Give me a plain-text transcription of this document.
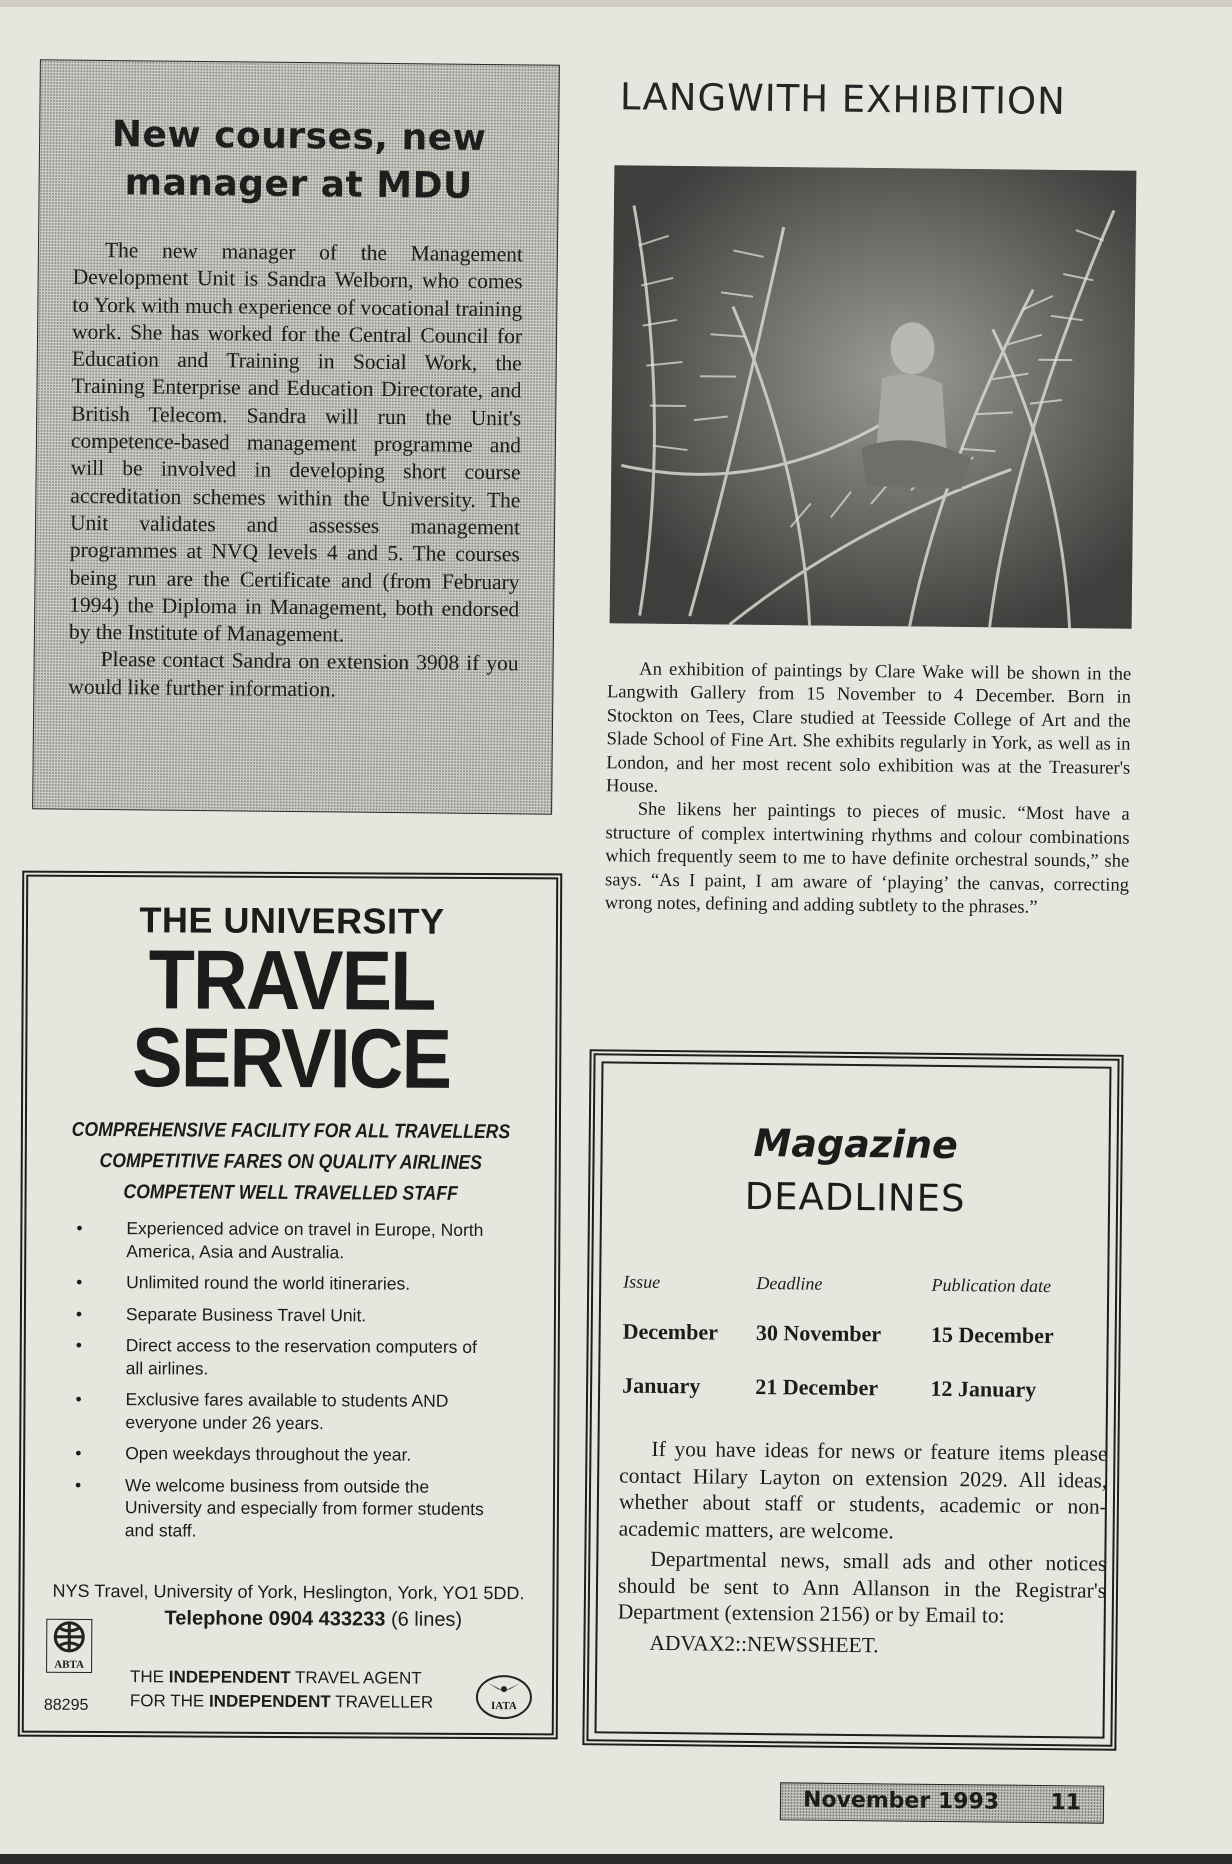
New courses, new
manager at MDU

The new manager of the Management Development Unit is Sandra Welborn, who comes to York with much experience of vocational training work. She has worked for the Central Council for Education and Training in Social Work, the Training Enterprise and Education Directorate, and British Telecom. Sandra will run the Unit's competence-based management programme and will be involved in developing short course accreditation schemes within the University. The Unit validates and assesses management programmes at NVQ levels 4 and 5. The courses being run are the Certificate and (from February 1994) the Diploma in Management, both endorsed by the Institute of Management.

Please contact Sandra on extension 3908 if you would like further information.

LANGWITH EXHIBITION

An exhibition of paintings by Clare Wake will be shown in the Langwith Gallery from 15 November to 4 December. Born in Stockton on Tees, Clare studied at Teesside College of Art and the Slade School of Fine Art. She exhibits regularly in York, as well as in London, and her most recent solo exhibition was at the Treasurer's House.

She likens her paintings to pieces of music. “Most have a structure of complex intertwining rhythms and colour combinations which frequently seem to me to have definite orchestral sounds,” she says. “As I paint, I am aware of ‘playing’ the canvas, correcting wrong notes, defining and adding subtlety to the phrases.”

THE UNIVERSITY
TRAVEL
SERVICE
COMPREHENSIVE FACILITY FOR ALL TRAVELLERS
COMPETITIVE FARES ON QUALITY AIRLINES
COMPETENT WELL TRAVELLED STAFF
•	Experienced advice on travel in Europe, North America, Asia and Australia.
•	Unlimited round the world itineraries.
•	Separate Business Travel Unit.
•	Direct access to the reservation computers of all airlines.
•	Exclusive fares available to students AND everyone under 26 years.
•	Open weekdays throughout the year.
•	We welcome business from outside the University and especially from former students and staff.
NYS Travel, University of York, Heslington, York, YO1 5DD.
Telephone 0904 433233 (6 lines)
ABTA
88295
THE INDEPENDENT TRAVEL AGENT
FOR THE INDEPENDENT TRAVELLER	IATA
Magazine
DEADLINES
Issue	Deadline	Publication date
December	30 November	15 December
January	21 December	12 January

If you have ideas for news or feature items please contact Hilary Layton on extension 2029. All ideas, whether about staff or students, academic or non-academic matters, are welcome.

Departmental news, small ads and other notices should be sent to Ann Allanson in the Registrar's Department (extension 2156) or by Email to:

ADVAX2::NEWSSHEET.

November 1993 11
